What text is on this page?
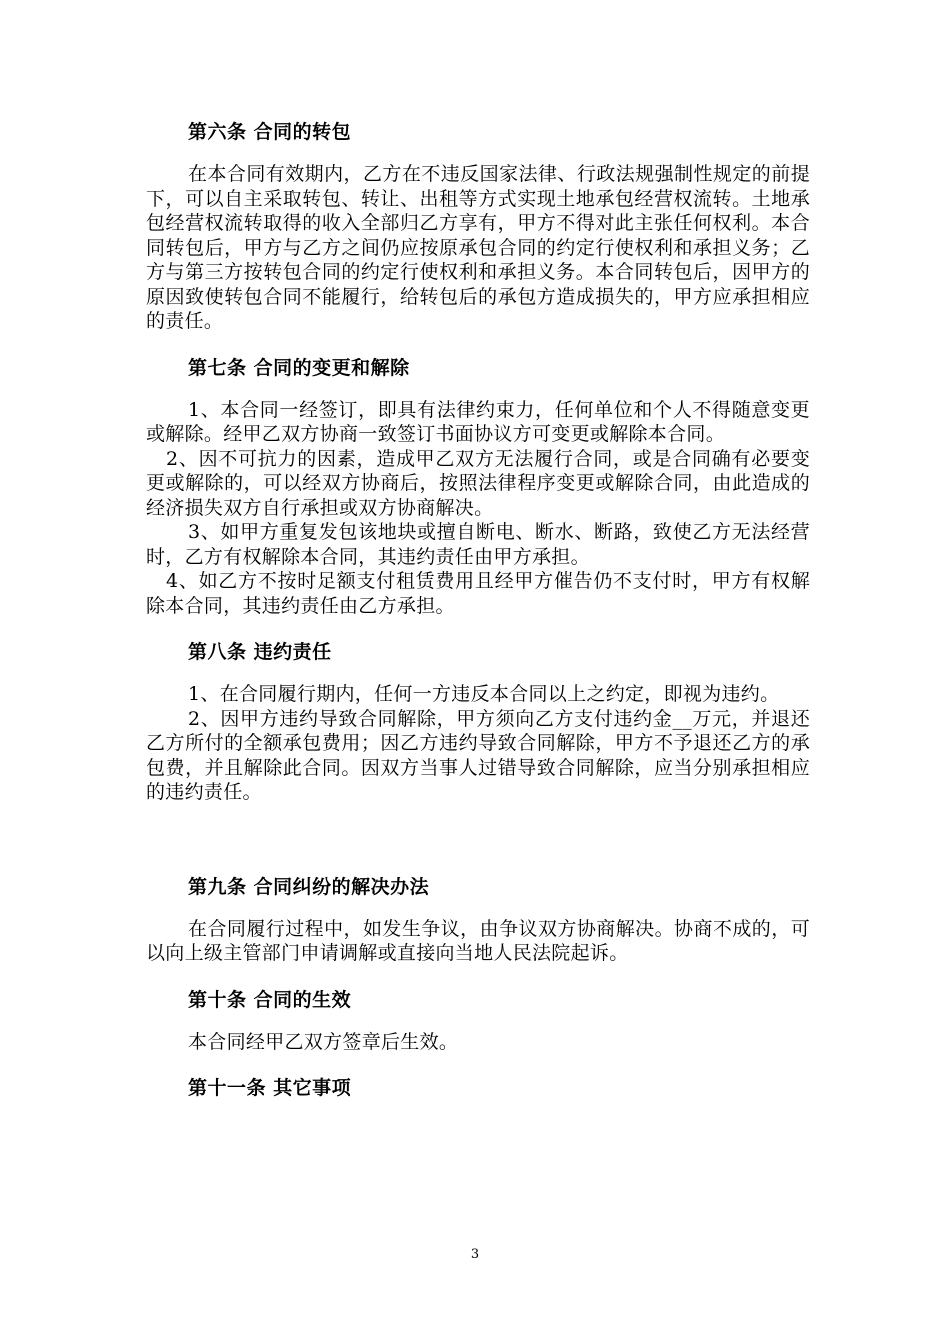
第六条 合同的转包

在本合同有效期内，乙方在不违反国家法律、行政法规强制性规定的前提下，可以自主采取转包、转让、出租等方式实现土地承包经营权流转。土地承包经营权流转取得的收入全部归乙方享有，甲方不得对此主张任何权利。本合同转包后，甲方与乙方之间仍应按原承包合同的约定行使权利和承担义务；乙方与第三方按转包合同的约定行使权利和承担义务。本合同转包后，因甲方的原因致使转包合同不能履行，给转包后的承包方造成损失的，甲方应承担相应的责任。

第七条 合同的变更和解除

1、本合同一经签订，即具有法律约束力，任何单位和个人不得随意变更或解除。经甲乙双方协商一致签订书面协议方可变更或解除本合同。

2、因不可抗力的因素，造成甲乙双方无法履行合同，或是合同确有必要变更或解除的，可以经双方协商后，按照法律程序变更或解除合同，由此造成的经济损失双方自行承担或双方协商解决。

3、如甲方重复发包该地块或擅自断电、断水、断路，致使乙方无法经营时，乙方有权解除本合同，其违约责任由甲方承担。

4、如乙方不按时足额支付租赁费用且经甲方催告仍不支付时，甲方有权解除本合同，其违约责任由乙方承担。

第八条 违约责任

1、在合同履行期内，任何一方违反本合同以上之约定，即视为违约。

2、因甲方违约导致合同解除，甲方须向乙方支付违约金__万元，并退还乙方所付的全额承包费用；因乙方违约导致合同解除，甲方不予退还乙方的承包费，并且解除此合同。因双方当事人过错导致合同解除，应当分别承担相应的违约责任。

第九条 合同纠纷的解决办法

在合同履行过程中，如发生争议，由争议双方协商解决。协商不成的，可以向上级主管部门申请调解或直接向当地人民法院起诉。

第十条 合同的生效

本合同经甲乙双方签章后生效。

第十一条 其它事项

3
